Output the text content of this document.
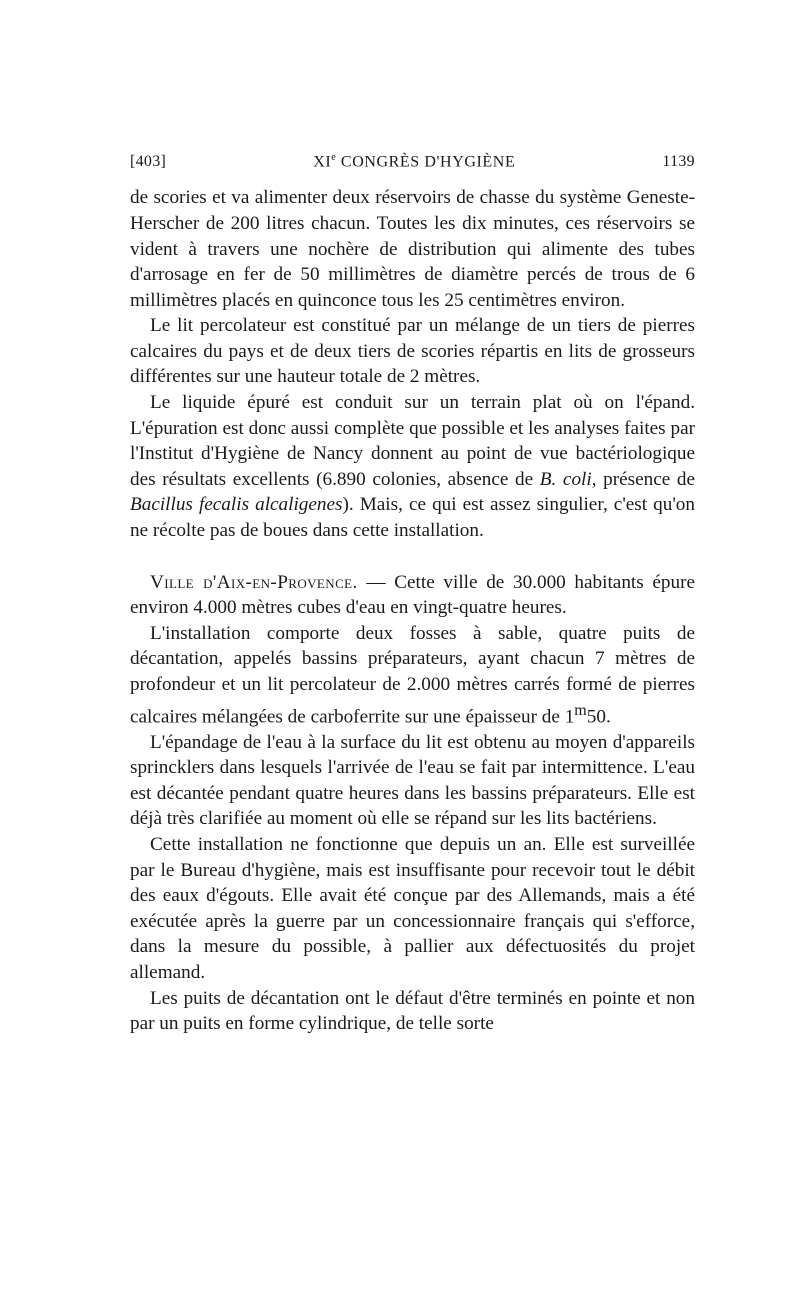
[403]	XIe CONGRÈS D'HYGIÈNE	1139

de scories et va alimenter deux réservoirs de chasse du système Geneste-Herscher de 200 litres chacun. Toutes les dix minutes, ces réservoirs se vident à travers une nochère de distribution qui alimente des tubes d'arrosage en fer de 50 millimètres de diamètre percés de trous de 6 millimètres placés en quinconce tous les 25 centimètres environ.

Le lit percolateur est constitué par un mélange de un tiers de pierres calcaires du pays et de deux tiers de scories répartis en lits de grosseurs différentes sur une hauteur totale de 2 mètres.

Le liquide épuré est conduit sur un terrain plat où on l'épand. L'épuration est donc aussi complète que possible et les analyses faites par l'Institut d'Hygiène de Nancy donnent au point de vue bactériologique des résultats excellents (6.890 colonies, absence de B. coli, présence de Bacillus fecalis alcaligenes). Mais, ce qui est assez singulier, c'est qu'on ne récolte pas de boues dans cette installation.

Ville d'Aix-en-Provence. — Cette ville de 30.000 habitants épure environ 4.000 mètres cubes d'eau en vingt-quatre heures.

L'installation comporte deux fosses à sable, quatre puits de décantation, appelés bassins préparateurs, ayant chacun 7 mètres de profondeur et un lit percolateur de 2.000 mètres carrés formé de pierres calcaires mélangées de carboferrite sur une épaisseur de 1$^m$50.

L'épandage de l'eau à la surface du lit est obtenu au moyen d'appareils sprincklers dans lesquels l'arrivée de l'eau se fait par intermittence. L'eau est décantée pendant quatre heures dans les bassins préparateurs. Elle est déjà très clarifiée au moment où elle se répand sur les lits bactériens.

Cette installation ne fonctionne que depuis un an. Elle est surveillée par le Bureau d'hygiène, mais est insuffisante pour recevoir tout le débit des eaux d'égouts. Elle avait été conçue par des Allemands, mais a été exécutée après la guerre par un concessionnaire français qui s'efforce, dans la mesure du possible, à pallier aux défectuosités du projet allemand.

Les puits de décantation ont le défaut d'être terminés en pointe et non par un puits en forme cylindrique, de telle sorte
